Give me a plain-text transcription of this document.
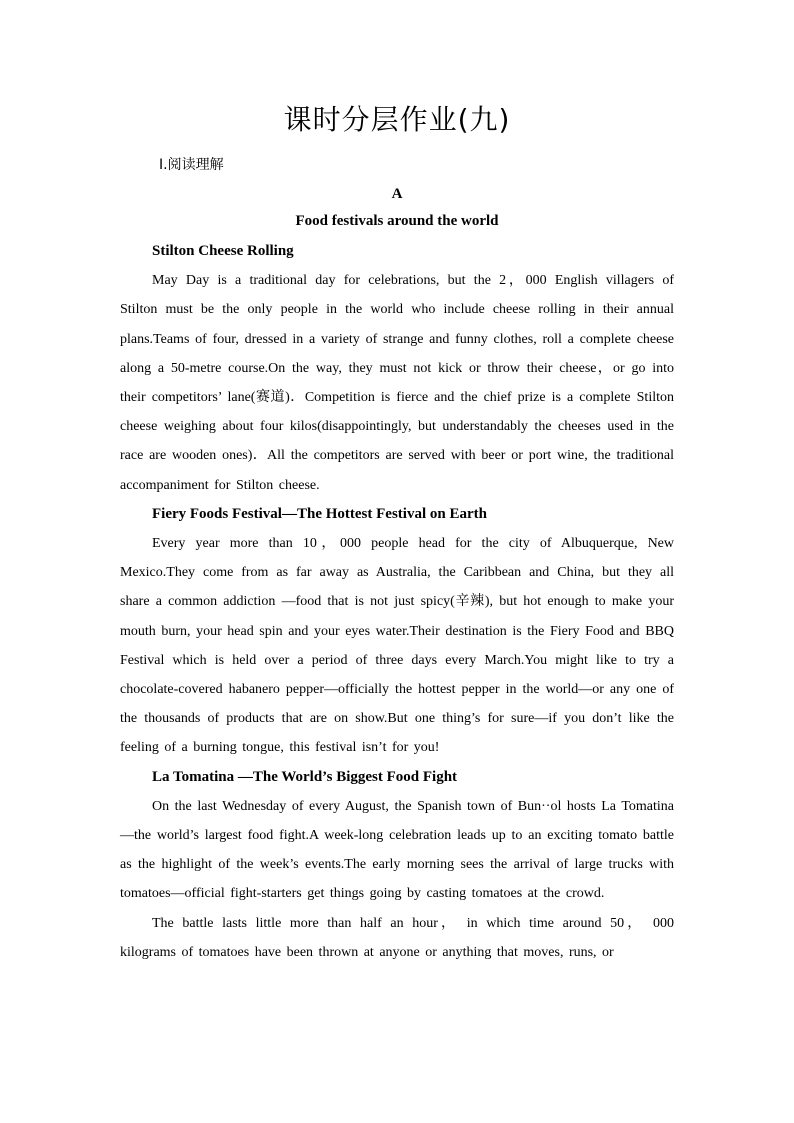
课时分层作业(九)
Ⅰ.阅读理解
A
Food festivals around the world

Stilton Cheese Rolling

May Day is a traditional day for celebrations, but the 2，000 English villagers of Stilton must be the only people in the world who include cheese rolling in their annual plans.Teams of four, dressed in a variety of strange and funny clothes, roll a complete cheese along a 50-metre course.On the way, they must not kick or throw their cheese，or go into their competitors’ lane(赛道)．Competition is fierce and the chief prize is a complete Stilton cheese weighing about four kilos(disappointingly, but understandably the cheeses used in the race are wooden ones)．All the competitors are served with beer or port wine, the traditional accompaniment for Stilton cheese.

Fiery Foods Festival—The Hottest Festival on Earth

Every year more than 10，000 people head for the city of Albuquerque, New Mexico.They come from as far away as Australia, the Caribbean and China, but they all share a common addiction —food that is not just spicy(辛辣), but hot enough to make your mouth burn, your head spin and your eyes water.Their destination is the Fiery Food and BBQ Festival which is held over a period of three days every March.You might like to try a chocolate-covered habanero pepper—officially the hottest pepper in the world—or any one of the thousands of products that are on show.But one thing’s for sure—if you don’t like the feeling of a burning tongue, this festival isn’t for you!

La Tomatina —The World’s Biggest Food Fight

On the last Wednesday of every August, the Spanish town of Bun··ol hosts La Tomatina —the world’s largest food fight.A week-long celebration leads up to an exciting tomato battle as the highlight of the week’s events.The early morning sees the arrival of large trucks with tomatoes—official fight-starters get things going by casting tomatoes at the crowd.

The battle lasts little more than half an hour， in which time around 50， 000 kilograms of tomatoes have been thrown at anyone or anything that moves, runs, or
